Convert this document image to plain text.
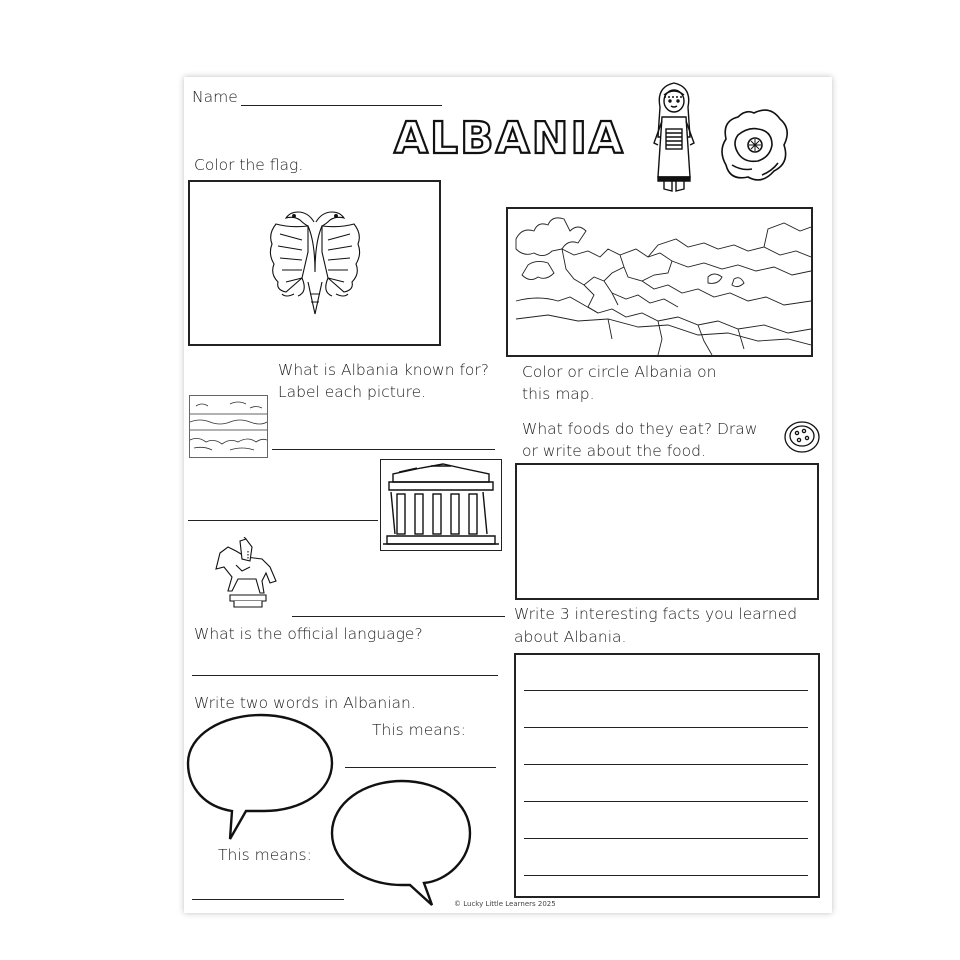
Name
ALBANIA
Color the flag.
What is Albania known for?
Label each picture.
Color or circle Albania on
this map.
What foods do they eat? Draw
or write about the food.
Write 3 interesting facts you learned
about Albania.
What is the official language?
Write two words in Albanian.
This means:
This means:
© Lucky Little Learners 2025
